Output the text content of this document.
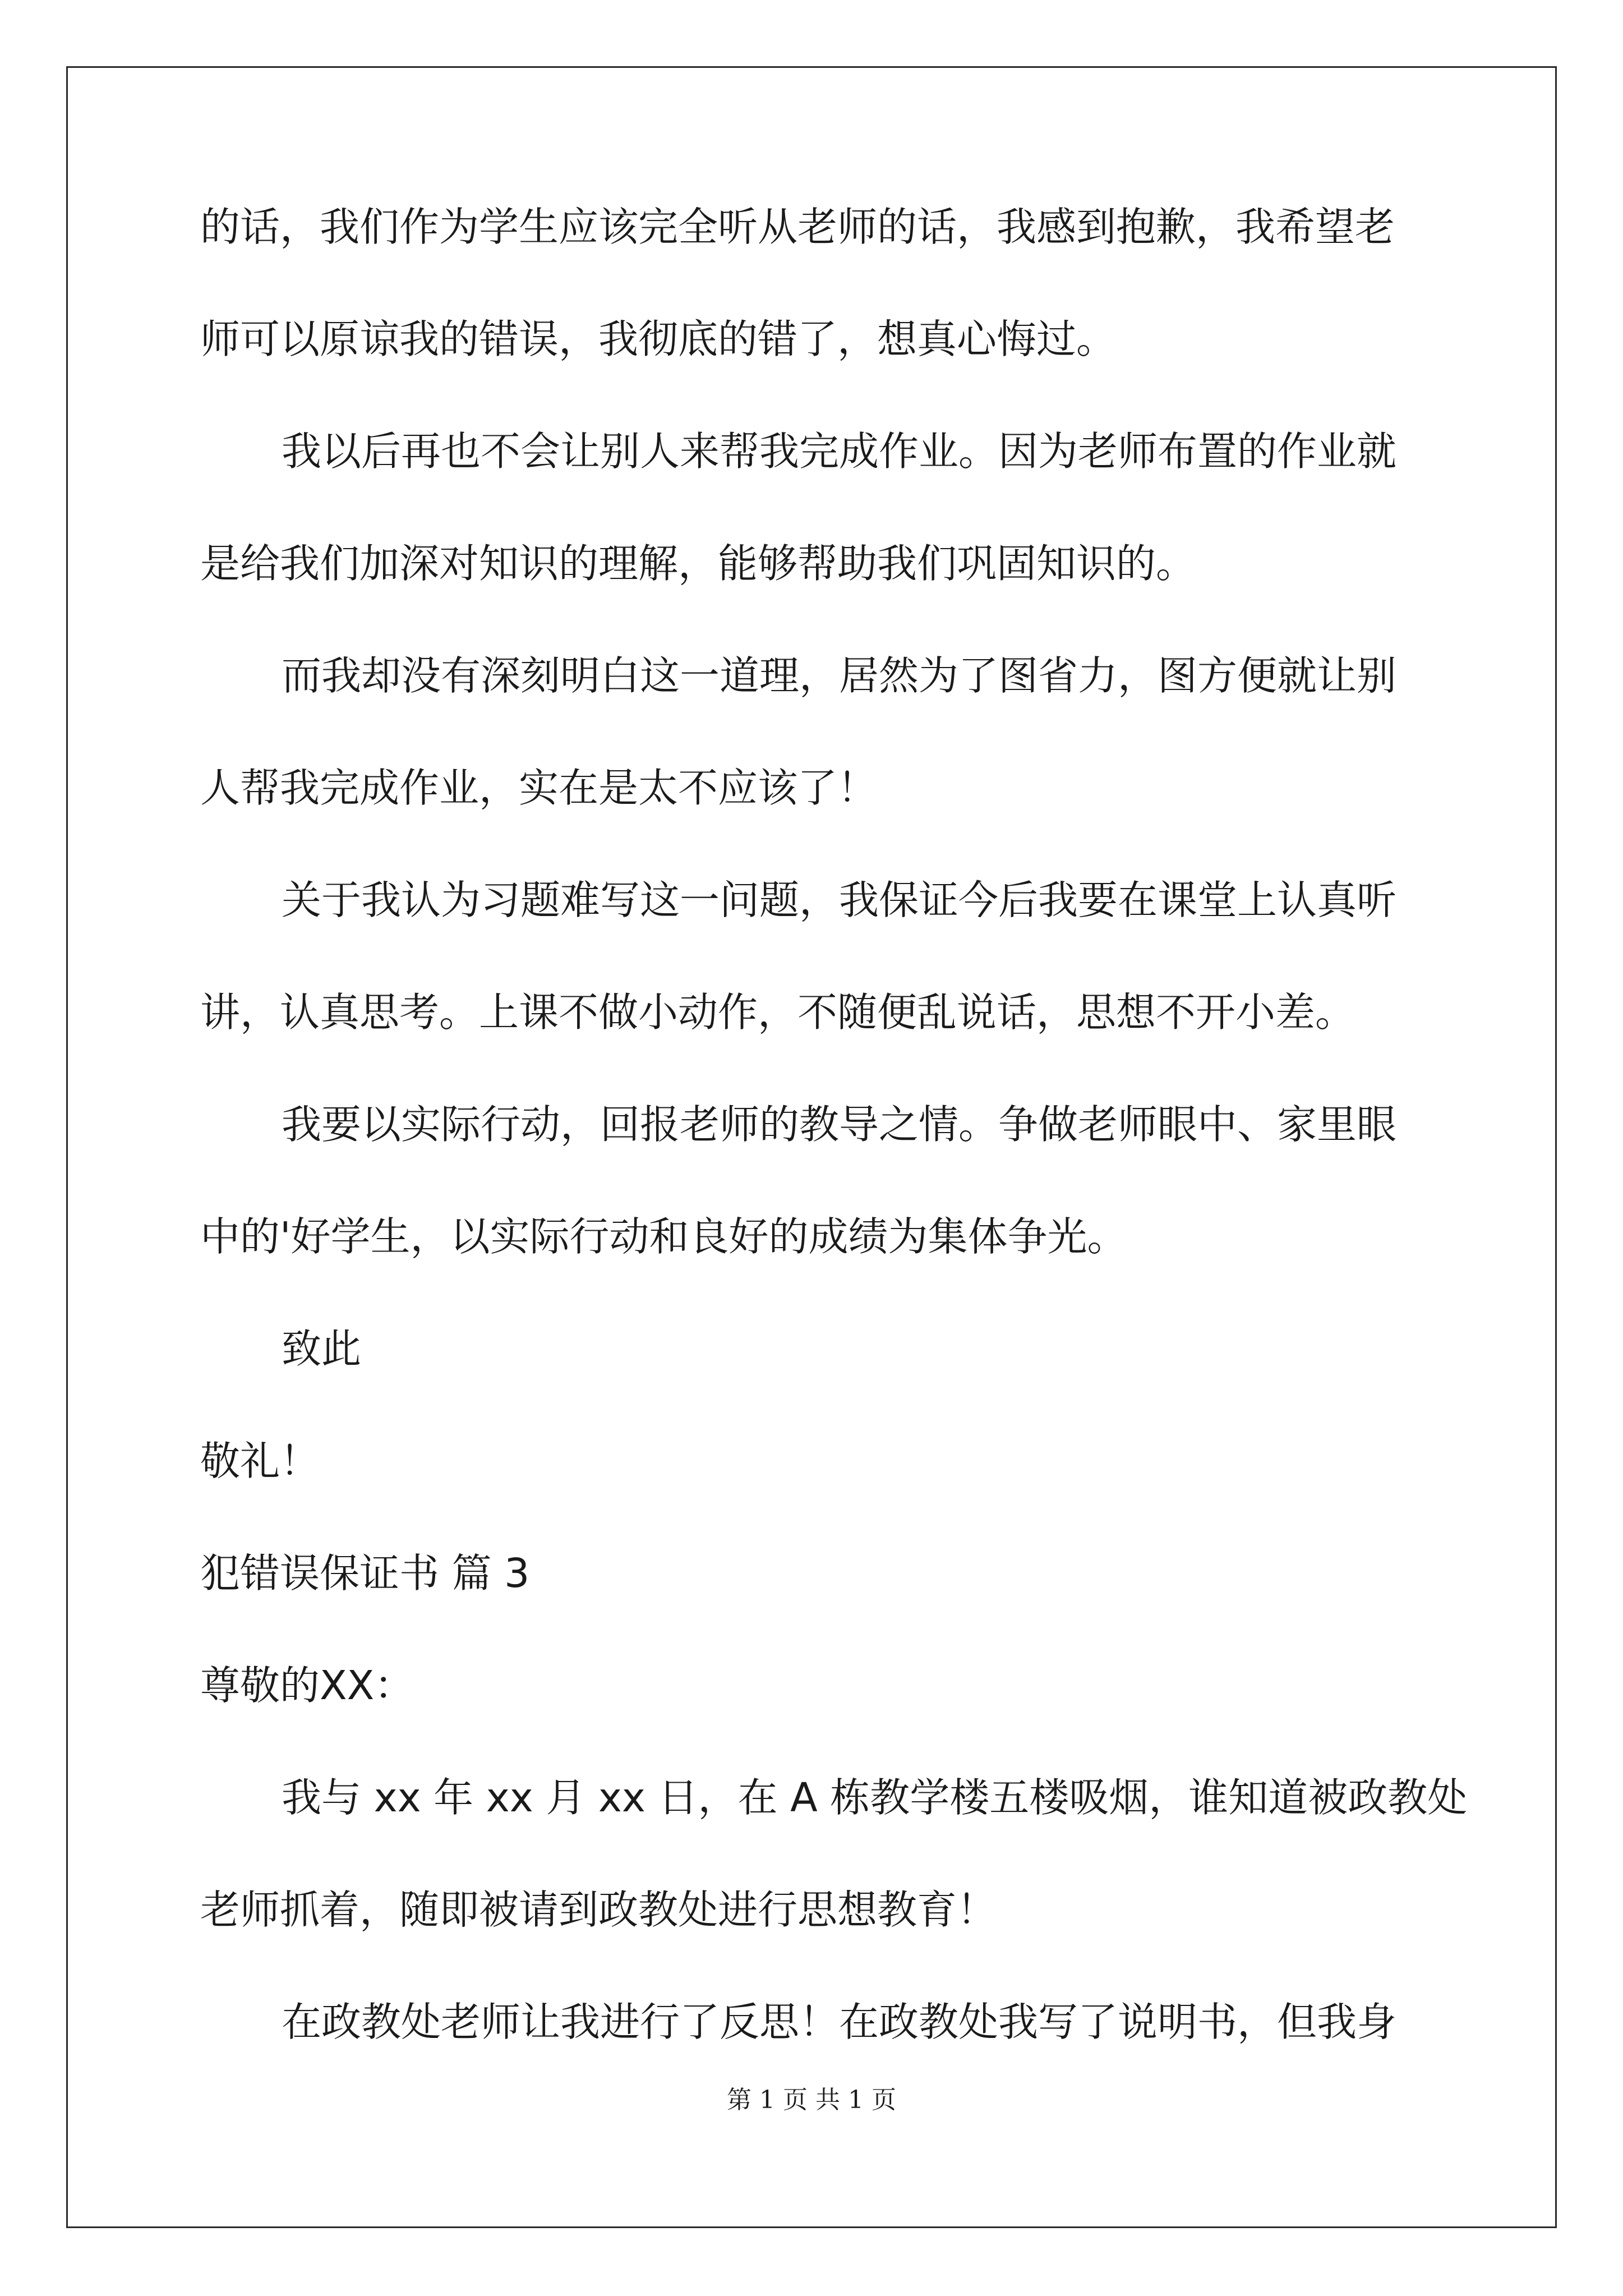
的话，我们作为学生应该完全听从老师的话，我感到抱歉，我希望老
师可以原谅我的错误，我彻底的错了，想真心悔过。
我以后再也不会让别人来帮我完成作业。因为老师布置的作业就
是给我们加深对知识的理解，能够帮助我们巩固知识的。
而我却没有深刻明白这一道理，居然为了图省力，图方便就让别
人帮我完成作业，实在是太不应该了！
关于我认为习题难写这一问题，我保证今后我要在课堂上认真听
讲，认真思考。上课不做小动作，不随便乱说话，思想不开小差。
我要以实际行动，回报老师的教导之情。争做老师眼中、家里眼
中的'好学生，以实际行动和良好的成绩为集体争光。
致此
敬礼！
犯错误保证书 篇 3
尊敬的XX：
我与 xx 年 xx 月 xx 日，在 A 栋教学楼五楼吸烟，谁知道被政教处
老师抓着，随即被请到政教处进行思想教育！
在政教处老师让我进行了反思！在政教处我写了说明书，但我身
第 1 页 共 1 页
